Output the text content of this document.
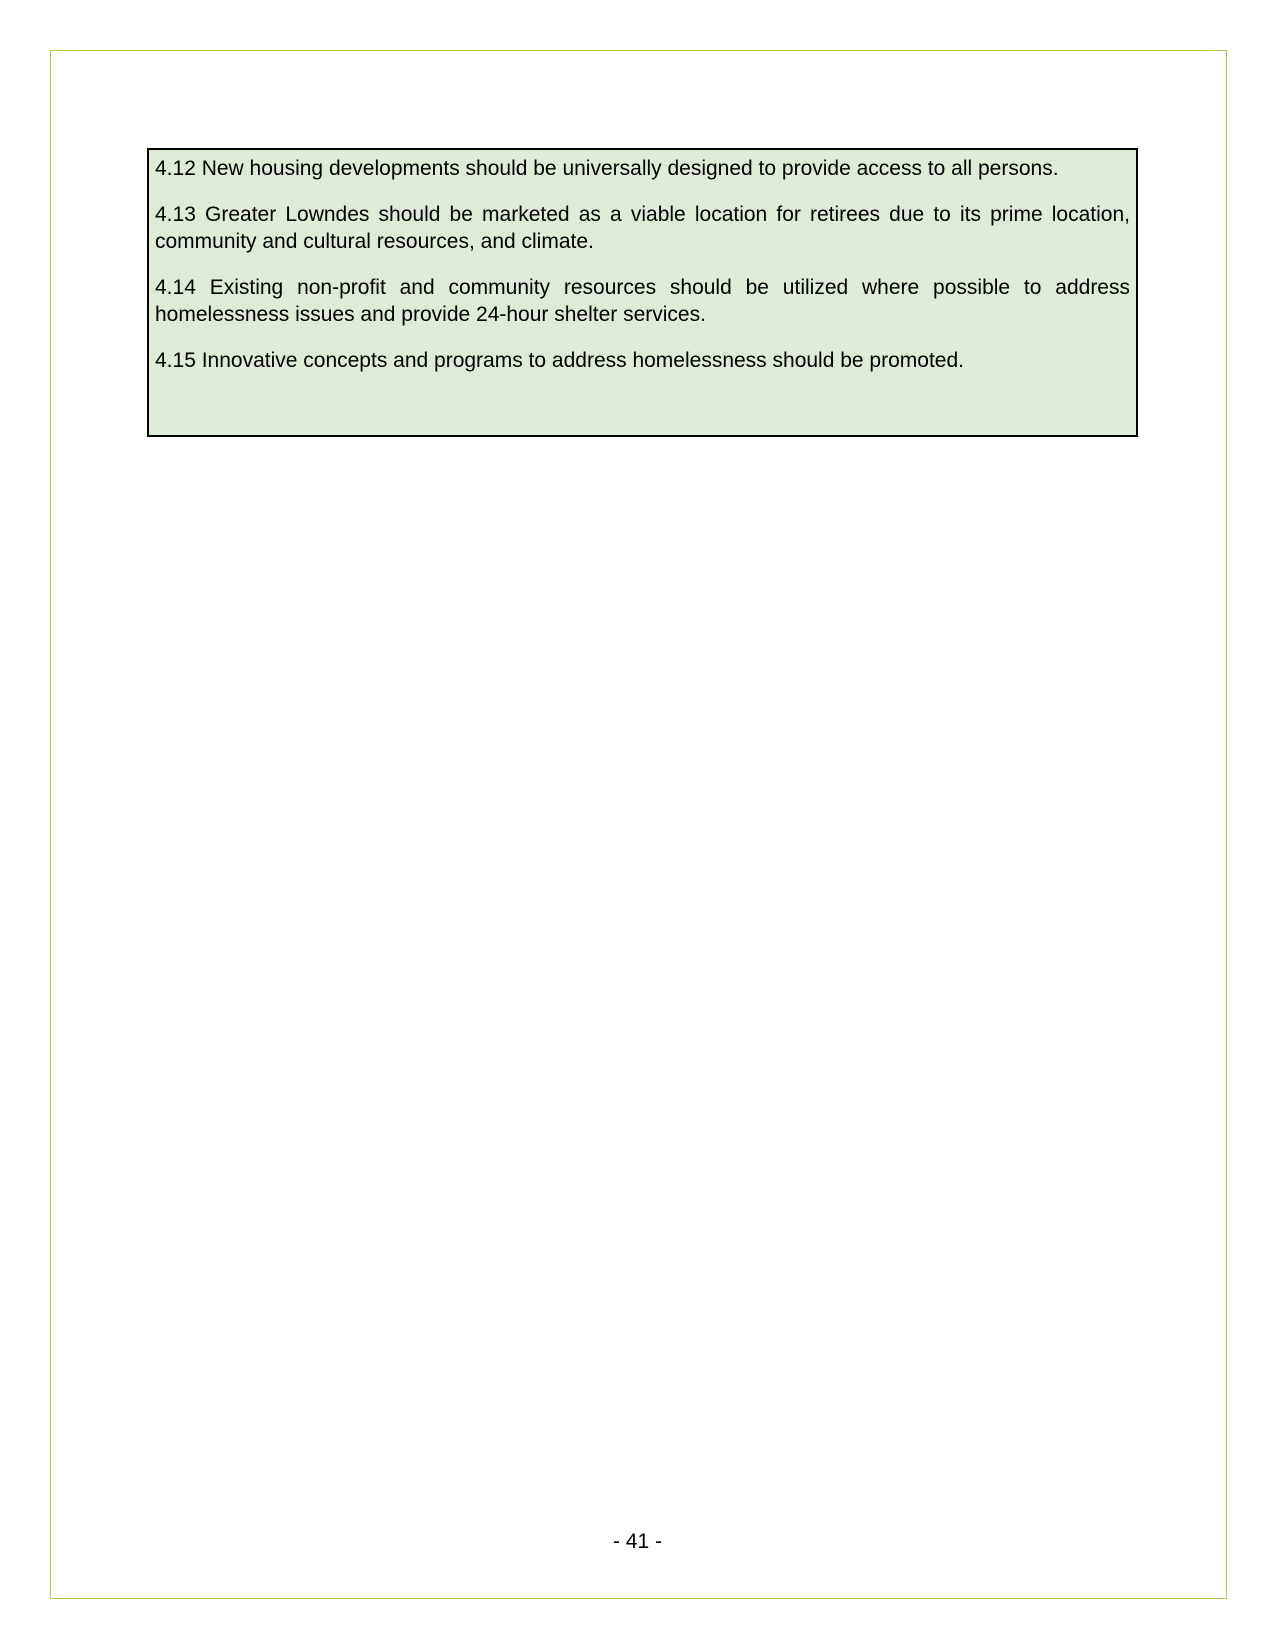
4.12 New housing developments should be universally designed to provide access to all persons.

4.13 Greater Lowndes should be marketed as a viable location for retirees due to its prime location, community and cultural resources, and climate.

4.14 Existing non-profit and community resources should be utilized where possible to address homelessness issues and provide 24-hour shelter services.

4.15 Innovative concepts and programs to address homelessness should be promoted.

- 41 -
